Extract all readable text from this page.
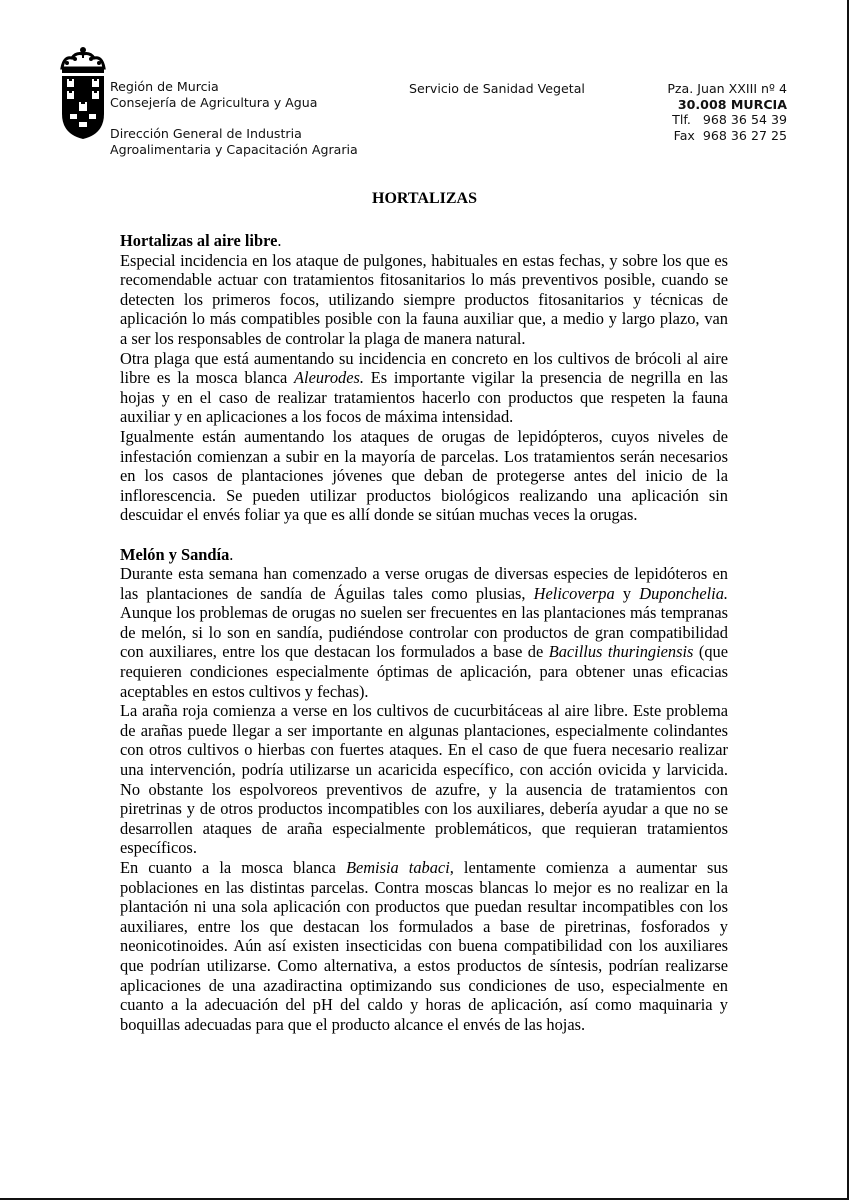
Región de Murcia
Consejería de Agricultura y Agua
Dirección General de Industria
Agroalimentaria y Capacitación Agraria
Servicio de Sanidad Vegetal	Pza. Juan XXIII nº 4
30.008 MURCIA
Tlf.   968 36 54 39
Fax  968 36 27 25
HORTALIZAS
Hortalizas al aire libre.

Especial incidencia en los ataque de pulgones, habituales en estas fechas, y sobre los que es recomendable actuar con tratamientos fitosanitarios lo más preventivos posible, cuando se detecten los primeros focos, utilizando siempre productos fitosanitarios y técnicas de aplicación lo más compatibles posible con la fauna auxiliar que, a medio y largo plazo, van a ser los responsables de controlar la plaga de manera natural.

Otra plaga que está aumentando su incidencia en concreto en los cultivos de brócoli al aire libre es la mosca blanca Aleurodes. Es importante vigilar la presencia de negrilla en las hojas y en el caso de realizar tratamientos hacerlo con productos que respeten la fauna auxiliar y en aplicaciones a los focos de máxima intensidad.

Igualmente están aumentando los ataques de orugas de lepidópteros, cuyos niveles de infestación comienzan a subir en la mayoría de parcelas. Los tratamientos serán necesarios en los casos de plantaciones jóvenes que deban de protegerse antes del inicio de la inflorescencia. Se pueden utilizar productos biológicos realizando una aplicación sin descuidar el envés foliar ya que es allí donde se sitúan muchas veces la orugas.

Melón y Sandía.

Durante esta semana han comenzado a verse orugas de diversas especies de lepidóteros en las plantaciones de sandía de Águilas tales como plusias, Helicoverpa y Duponchelia. Aunque los problemas de orugas no suelen ser frecuentes en las plantaciones más tempranas de melón, si lo son en sandía, pudiéndose controlar con productos de gran compatibilidad con auxiliares, entre los que destacan los formulados a base de Bacillus thuringiensis (que requieren condiciones especialmente óptimas de aplicación, para obtener unas eficacias aceptables en estos cultivos y fechas).

La araña roja comienza a verse en los cultivos de cucurbitáceas al aire libre. Este problema de arañas puede llegar a ser importante en algunas plantaciones, especialmente colindantes con otros cultivos o hierbas con fuertes ataques. En el caso de que fuera necesario realizar una intervención, podría utilizarse un acaricida específico, con acción ovicida y larvicida. No obstante los espolvoreos preventivos de azufre, y la ausencia de tratamientos con piretrinas y de otros productos incompatibles con los auxiliares, debería ayudar a que no se desarrollen ataques de araña especialmente problemáticos, que requieran tratamientos específicos.

En cuanto a la mosca blanca Bemisia tabaci, lentamente comienza a aumentar sus poblaciones en las distintas parcelas. Contra moscas blancas lo mejor es no realizar en la plantación ni una sola aplicación con productos que puedan resultar incompatibles con los auxiliares, entre los que destacan los formulados a base de piretrinas, fosforados y neonicotinoides. Aún así existen insecticidas con buena compatibilidad con los auxiliares que podrían utilizarse. Como alternativa, a estos productos de síntesis, podrían realizarse aplicaciones de una azadiractina optimizando sus condiciones de uso, especialmente en cuanto a la adecuación del pH del caldo y horas de aplicación, así como maquinaria y boquillas adecuadas para que el producto alcance el envés de las hojas.
